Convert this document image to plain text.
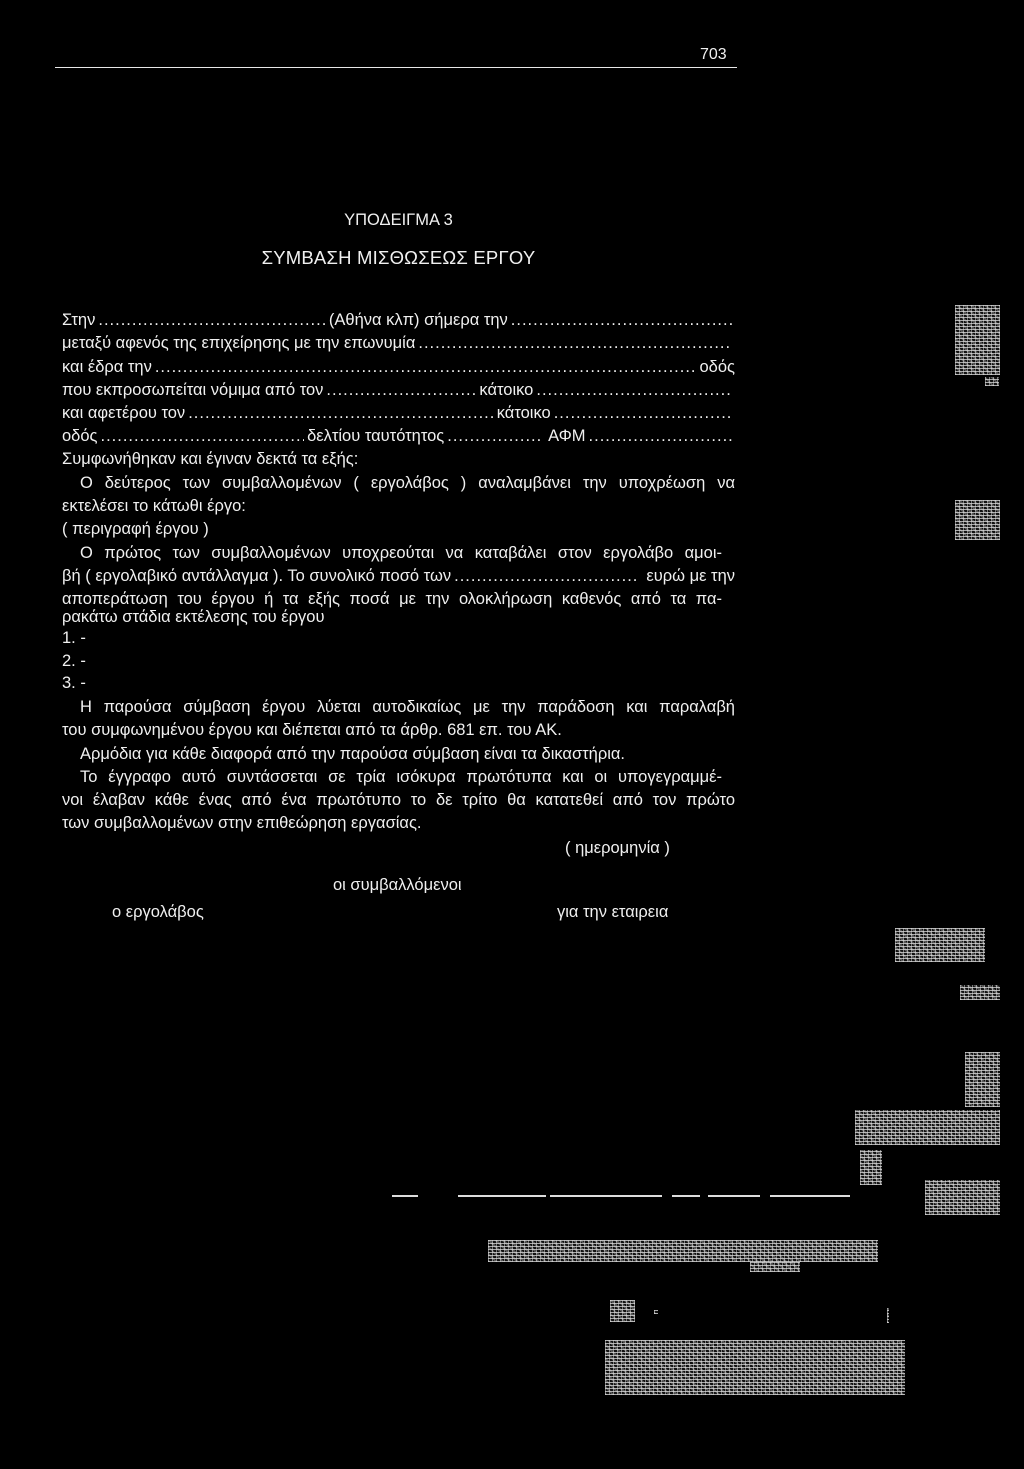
703
ΥΠΟΔΕΙΓΜΑ 3
ΣΥΜΒΑΣΗ ΜΙΣΘΩΣΕΩΣ ΕΡΓΟΥ
Στην .....	(Αθήνα κλπ) σήμερα την
.....
μεταξύ αφενός της επιχείρησης με την επωνυμία
.....
και έδρα την .....	οδός
που εκπροσωπείται νόμιμα από τον .....	κάτοικο
.....
και αφετέρου τον .....	κάτοικο
.....
οδός .....	δελτίου ταυτότητος .....	ΑΦΜ
.....
Συμφωνήθηκαν και έγιναν δεκτά τα εξής:
Ο δεύτερος των συμβαλλομένων ( εργολάβος ) αναλαμβάνει την υποχρέωση να
εκτελέσει το κάτωθι έργο:
( περιγραφή έργου )
Ο πρώτος των συμβαλλομένων υποχρεούται να καταβάλει στον εργολάβο αμοι-
βή ( εργολαβικό αντάλλαγμα ). Το συνολικό ποσό των .....	ευρώ με την
αποπεράτωση του έργου ή τα εξής ποσά με την ολοκλήρωση καθενός από τα πα-
ρακάτω στάδια εκτέλεσης του έργου
1. -
2. -
3. -
Η παρούσα σύμβαση έργου λύεται αυτοδικαίως με την παράδοση και παραλαβή
του συμφωνημένου έργου και διέπεται από τα άρθρ. 681 επ. του ΑΚ.
Αρμόδια για κάθε διαφορά από την παρούσα σύμβαση είναι τα δικαστήρια.
Το έγγραφο αυτό συντάσσεται σε τρία ισόκυρα πρωτότυπα και οι υπογεγραμμέ-
νοι έλαβαν κάθε ένας από ένα πρωτότυπο το δε τρίτο θα κατατεθεί από τον πρώτο
των συμβαλλομένων στην επιθεώρηση εργασίας.
( ημερομηνία )
οι συμβαλλόμενοι
ο εργολάβος	για την εταιρεια
